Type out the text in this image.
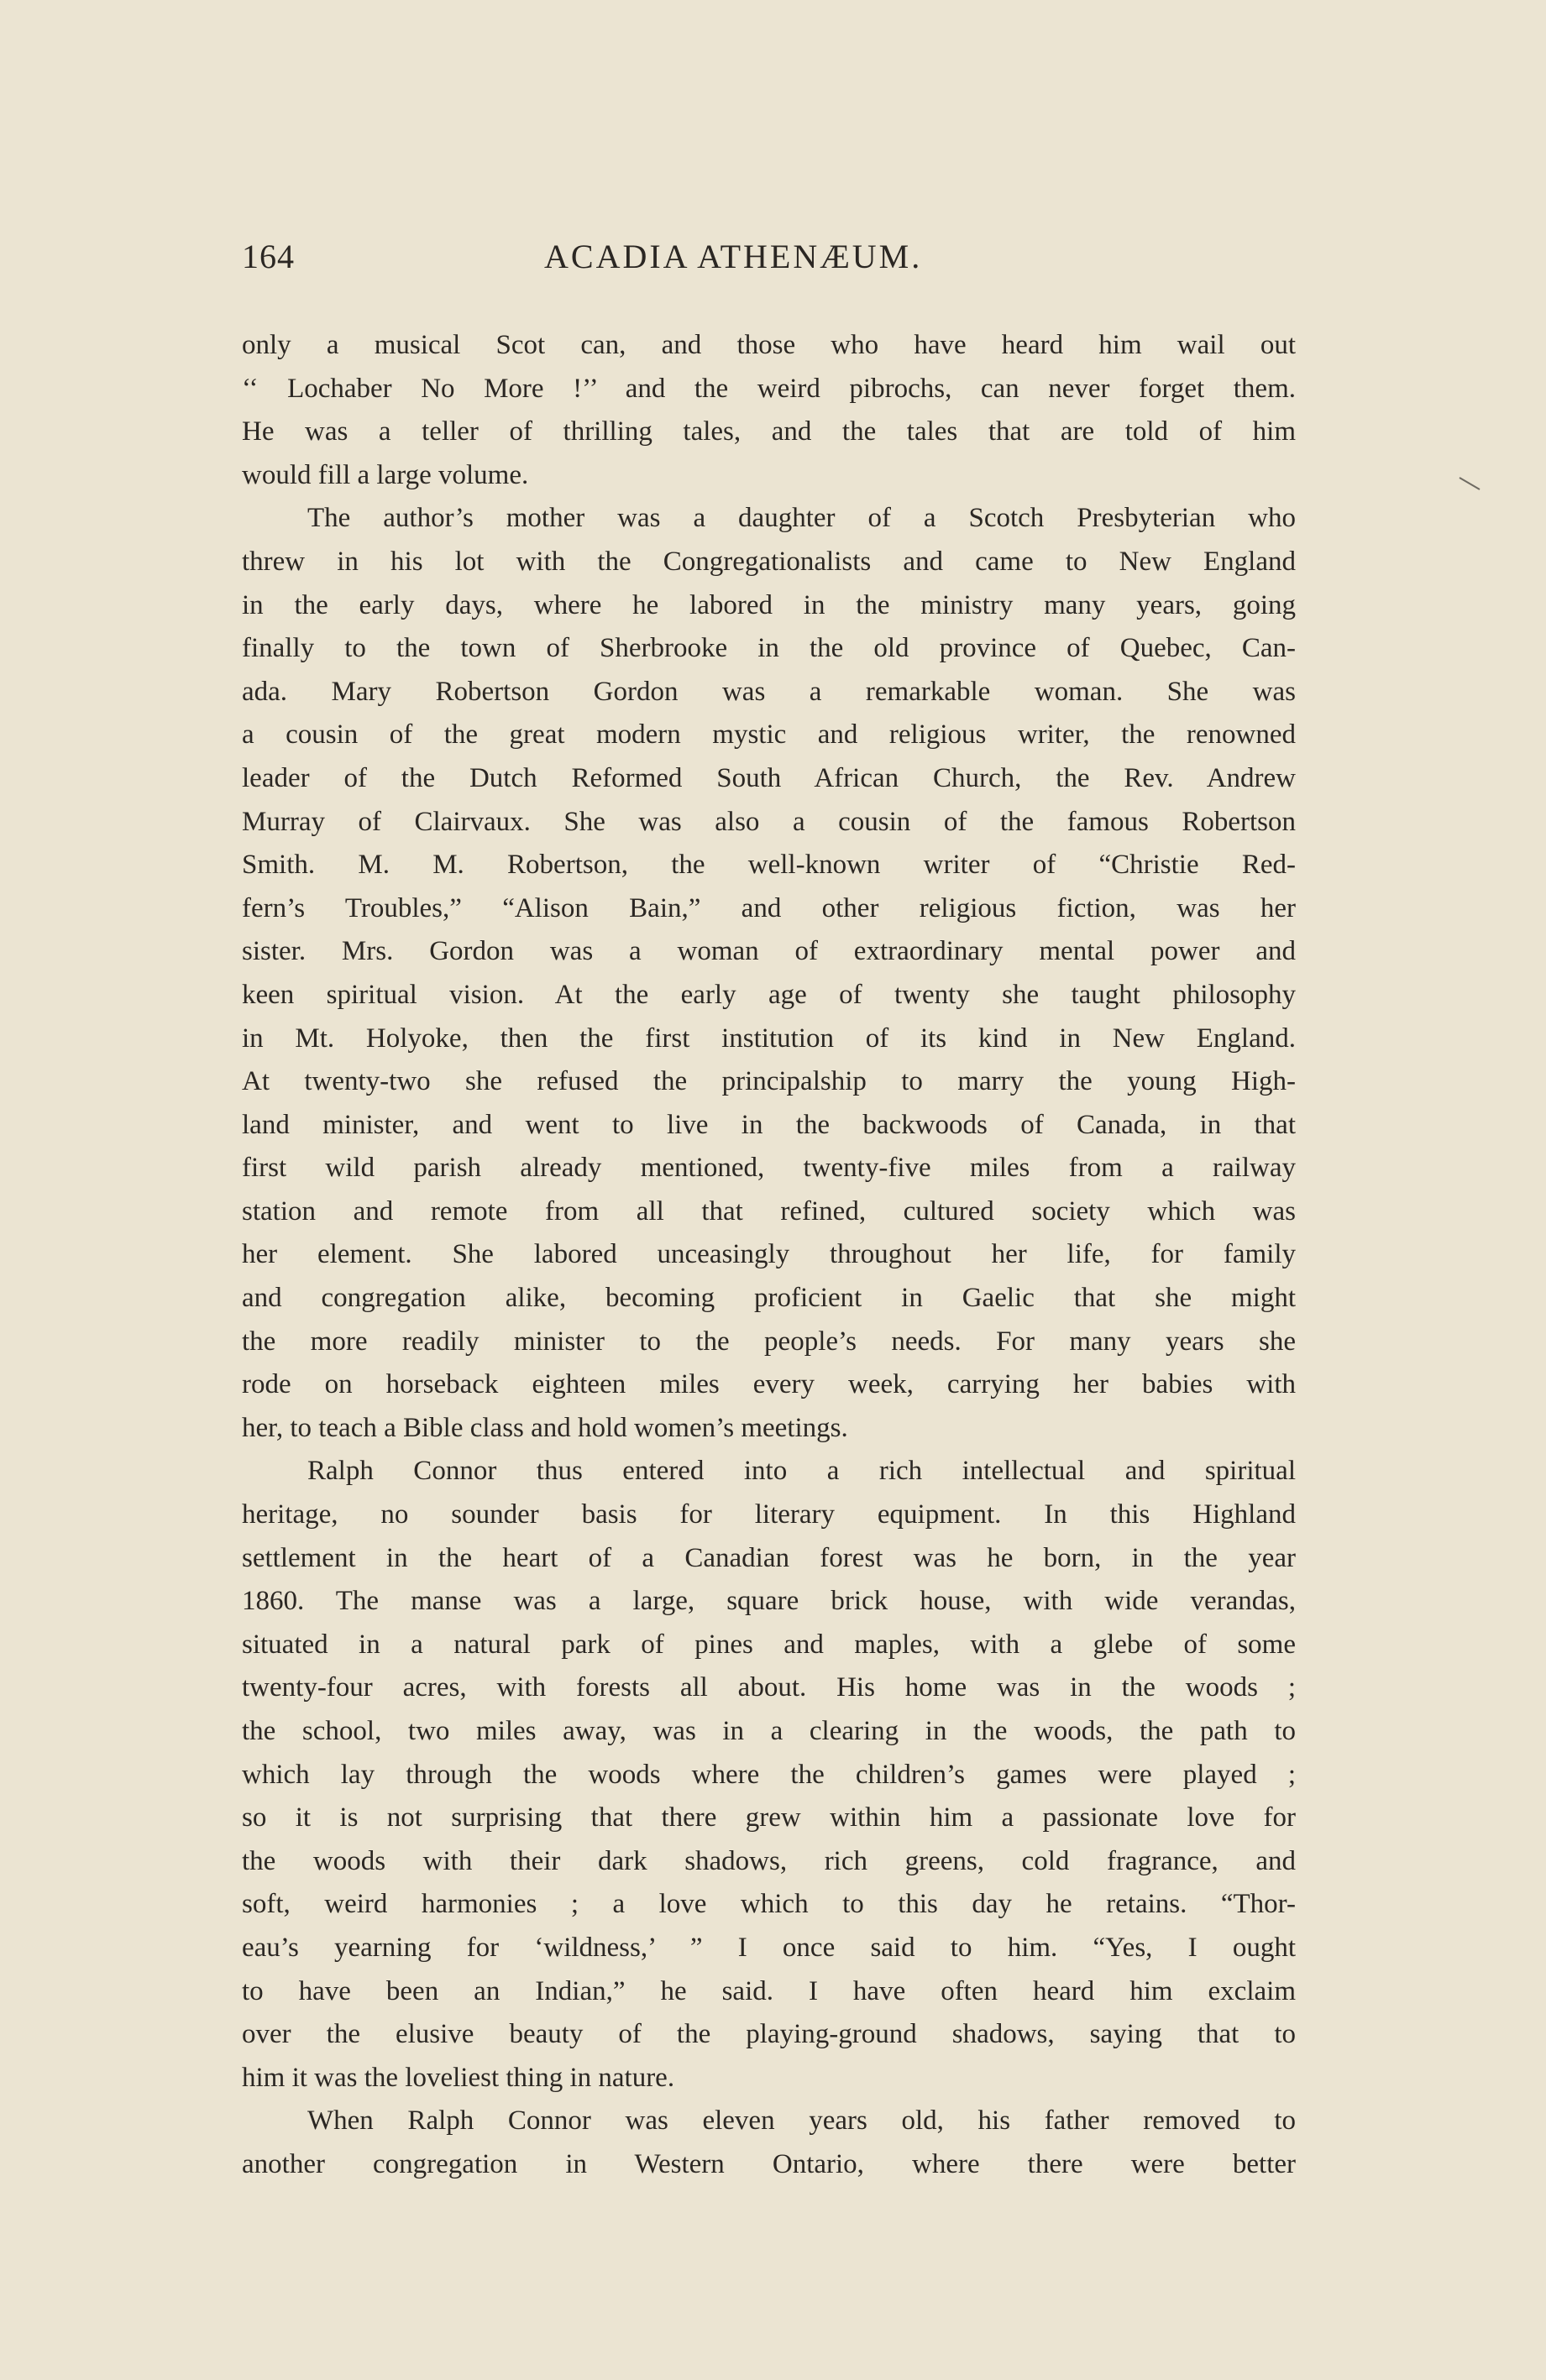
164	ACADIA ATHENÆUM.
only a musical Scot can, and those who have heard him wail out
‘‘ Lochaber No More !’’ and the weird pibrochs, can never forget them.
He was a teller of thrilling tales, and the tales that are told of him
would fill a large volume.
The author’s mother was a daughter of a Scotch Presbyterian who
threw in his lot with the Congregationalists and came to New England
in the early days, where he labored in the ministry many years, going
finally to the town of Sherbrooke in the old province of Quebec, Can-
ada. Mary Robertson Gordon was a remarkable woman. She was
a cousin of the great modern mystic and religious writer, the renowned
leader of the Dutch Reformed South African Church, the Rev. Andrew
Murray of Clairvaux. She was also a cousin of the famous Robertson
Smith. M. M. Robertson, the well-known writer of “Christie Red-
fern’s Troubles,” “Alison Bain,” and other religious fiction, was her
sister. Mrs. Gordon was a woman of extraordinary mental power and
keen spiritual vision. At the early age of twenty she taught philosophy
in Mt. Holyoke, then the first institution of its kind in New England.
At twenty-two she refused the principalship to marry the young High-
land minister, and went to live in the backwoods of Canada, in that
first wild parish already mentioned, twenty-five miles from a railway
station and remote from all that refined, cultured society which was
her element. She labored unceasingly throughout her life, for family
and congregation alike, becoming proficient in Gaelic that she might
the more readily minister to the people’s needs. For many years she
rode on horseback eighteen miles every week, carrying her babies with
her, to teach a Bible class and hold women’s meetings.
Ralph Connor thus entered into a rich intellectual and spiritual
heritage, no sounder basis for literary equipment. In this Highland
settlement in the heart of a Canadian forest was he born, in the year
1860. The manse was a large, square brick house, with wide verandas,
situated in a natural park of pines and maples, with a glebe of some
twenty-four acres, with forests all about. His home was in the woods ;
the school, two miles away, was in a clearing in the woods, the path to
which lay through the woods where the children’s games were played ;
so it is not surprising that there grew within him a passionate love for
the woods with their dark shadows, rich greens, cold fragrance, and
soft, weird harmonies ; a love which to this day he retains. “Thor-
eau’s yearning for ‘wildness,’ ” I once said to him. “Yes, I ought
to have been an Indian,” he said. I have often heard him exclaim
over the elusive beauty of the playing-ground shadows, saying that to
him it was the loveliest thing in nature.
When Ralph Connor was eleven years old, his father removed to
another congregation in Western Ontario, where there were better
